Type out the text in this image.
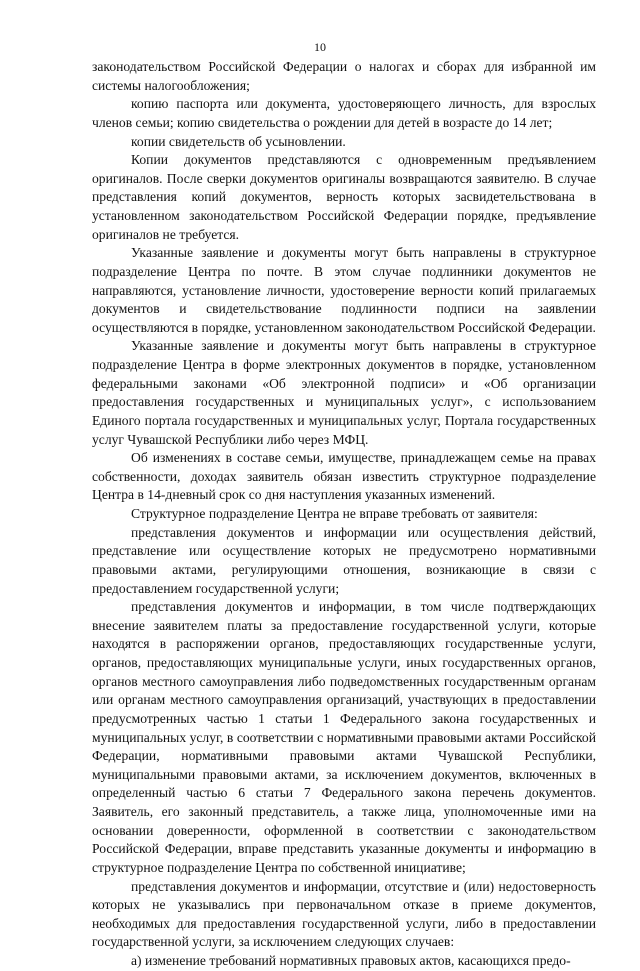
10

законодательством Российской Федерации о налогах и сборах для избранной им системы налогообложения;

копию паспорта или документа, удостоверяющего личность, для взрослых членов семьи; копию свидетельства о рождении для детей в возрасте до 14 лет;

копии свидетельств об усыновлении.

Копии документов представляются с одновременным предъявлением оригиналов. После сверки документов оригиналы возвращаются заявителю. В случае представления копий документов, верность которых засвидетельствована в установленном законодательством Российской Федерации порядке, предъявление оригиналов не требуется.

Указанные заявление и документы могут быть направлены в структурное подразделение Центра по почте. В этом случае подлинники документов не направляются, установление личности, удостоверение верности копий прилагаемых документов и свидетельствование подлинности подписи на заявлении осуществляются в порядке, установленном законодательством Российской Федерации.

Указанные заявление и документы могут быть направлены в структурное подразделение Центра в форме электронных документов в порядке, установленном федеральными законами «Об электронной подписи» и «Об организации предоставления государственных и муниципальных услуг», с использованием Единого портала государственных и муниципальных услуг, Портала государственных услуг Чувашской Республики либо через МФЦ.

Об изменениях в составе семьи, имуществе, принадлежащем семье на правах собственности, доходах заявитель обязан известить структурное подразделение Центра в 14-дневный срок со дня наступления указанных изменений.

Структурное подразделение Центра не вправе требовать от заявителя:

представления документов и информации или осуществления действий, представление или осуществление которых не предусмотрено нормативными правовыми актами, регулирующими отношения, возникающие в связи с предоставлением государственной услуги;

представления документов и информации, в том числе подтверждающих внесение заявителем платы за предоставление государственной услуги, которые находятся в распоряжении органов, предоставляющих государственные услуги, органов, предоставляющих муниципальные услуги, иных государственных органов, органов местного самоуправления либо подведомственных государственным органам или органам местного самоуправления организаций, участвующих в предоставлении предусмотренных частью 1 статьи 1 Федерального закона государственных и муниципальных услуг, в соответствии с нормативными правовыми актами Российской Федерации, нормативными правовыми актами Чувашской Республики, муниципальными правовыми актами, за исключением документов, включенных в определенный частью 6 статьи 7 Федерального закона перечень документов. Заявитель, его законный представитель, а также лица, уполномоченные ими на основании доверенности, оформленной в соответствии с законодательством Российской Федерации, вправе представить указанные документы и информацию в структурное подразделение Центра по собственной инициативе;

представления документов и информации, отсутствие и (или) недостоверность которых не указывались при первоначальном отказе в приеме документов, необходимых для предоставления государственной услуги, либо в предоставлении государственной услуги, за исключением следующих случаев:

а) изменение требований нормативных правовых актов, касающихся предо-
